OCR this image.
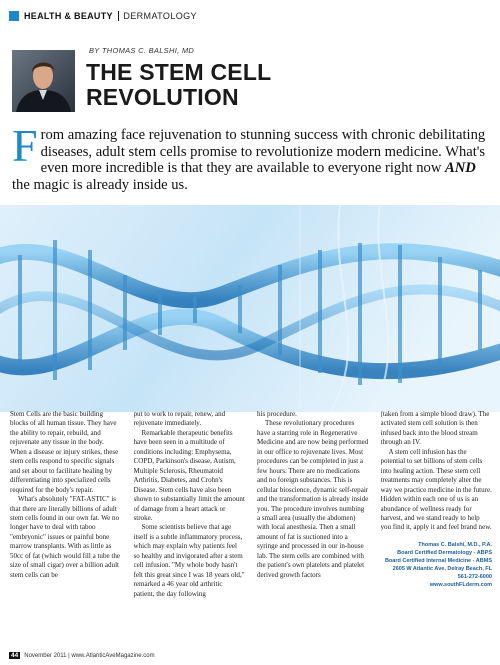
HEALTH & BEAUTY DERMATOLOGY
BY THOMAS C. BALSHI, MD
THE STEM CELL
REVOLUTION
From amazing face rejuvenation to stunning success with chronic debilitating diseases, adult stem cells promise to revolutionize modern medicine. What's even more incredible is that they are available to everyone right now AND the magic is already inside us.

Stem Cells are the basic building blocks of all human tissue. They have the ability to repair, rebuild, and rejuvenate any tissue in the body. When a disease or injury strikes, these stem cells respond to specific signals and set about to facilitate healing by differentiating into specialized cells required for the body's repair.

What's absolutely "FAT-ASTIC" is that there are literally billions of adult stem cells found in our own fat. We no longer have to deal with taboo "embryonic" issues or painful bone marrow transplants. With as little as 50cc of fat (which would fill a tube the size of small cigar) over a billion adult stem cells can be

put to work to repair, renew, and rejuvenate immediately.

Remarkable therapeutic benefits have been seen in a multitude of conditions including: Emphysema, COPD, Parkinson's disease, Autism, Multiple Sclerosis, Rheumatoid Arthritis, Diabetes, and Crohn's Disease. Stem cells have also been shown to substantially limit the amount of damage from a heart attack or stroke.

Some scientists believe that age itself is a subtle inflammatory process, which may explain why patients feel so healthy and invigorated after a stem cell infusion. "My whole body hasn't felt this great since I was 18 years old," remarked a 46 year old arthritic patient, the day following

his procedure.

These revolutionary procedures have a starring role in Regenerative Medicine and are now being performed in our office to rejuvenate lives. Most procedures can be completed in just a few hours. There are no medications and no foreign substances. This is cellular bioscience, dynamic self-repair and the transformation is already inside you. The procedure involves numbing a small area (usually the abdomen) with local anesthesia. Then a small amount of fat is suctioned into a syringe and processed in our in-house lab. The stem cells are combined with the patient's own platelets and platelet derived growth factors

(taken from a simple blood draw). The activated stem cell solution is then infused back into the blood stream through an IV.

A stem cell infusion has the potential to set billions of stem cells into healing action. These stem cell treatments may completely alter the way we practice medicine in the future. Hidden within each one of us is an abundance of wellness ready for harvest, and we stand ready to help you find it, apply it and feel brand new.

Thomas C. Balshi, M.D., P.A.
Board Certified Dermatology - ABPS
Board Certified Internal Medicine - ABMS
2605 W Atlantic Ave, Delray Beach, FL
561-272-6000
www.southFLderm.com
44	November 2011 | www.AtlanticAveMagazine.com
